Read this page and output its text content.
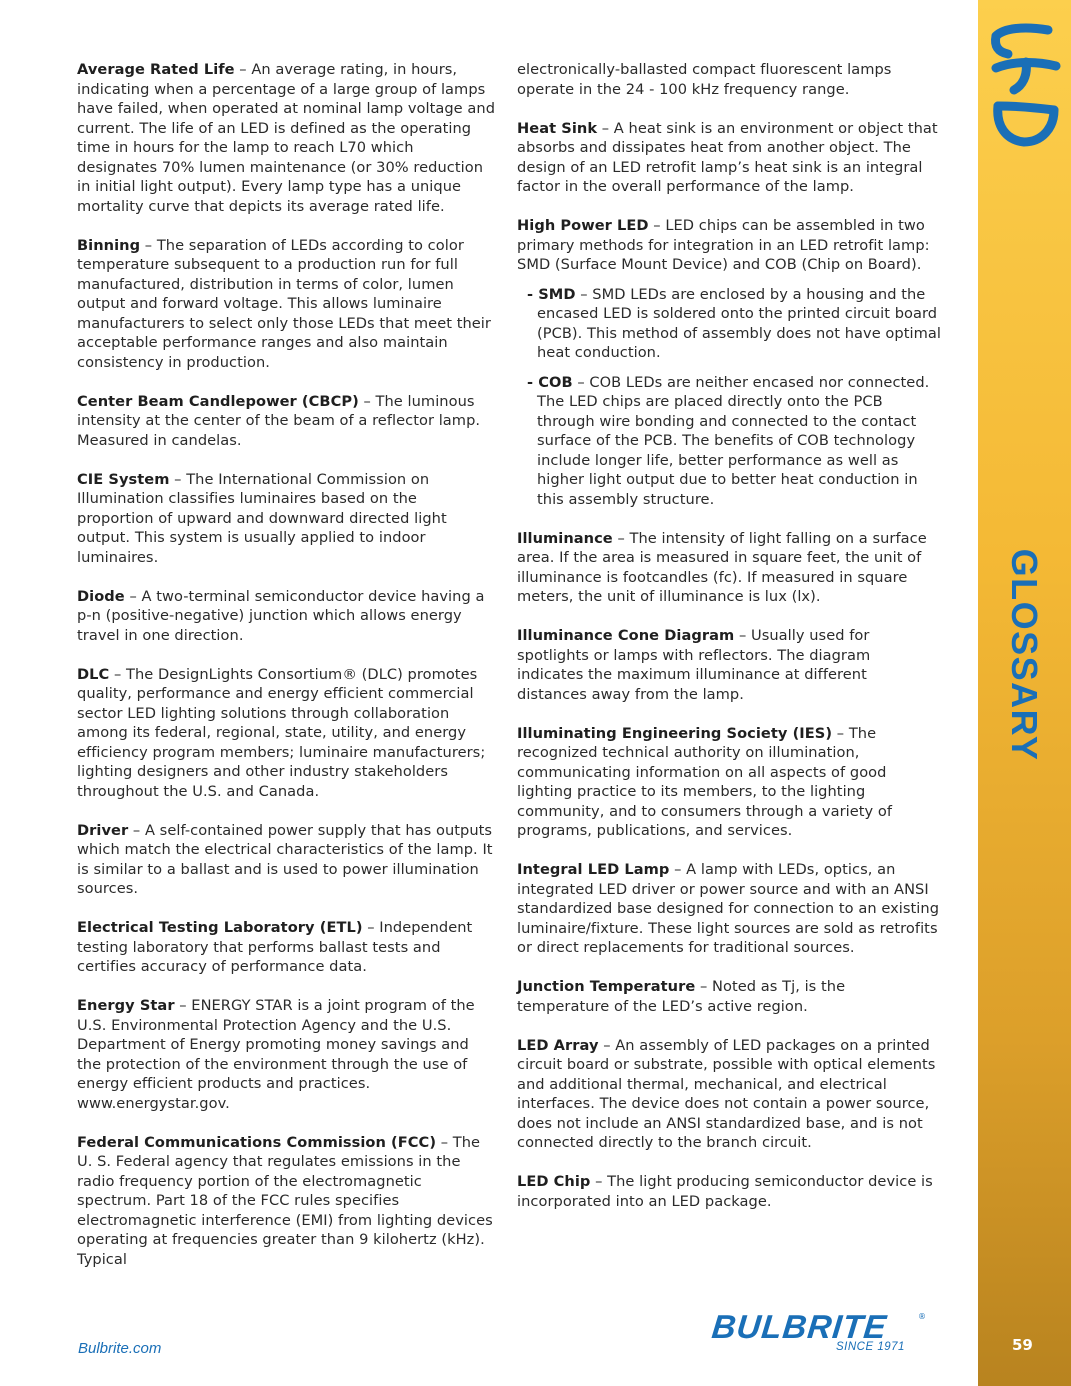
Average Rated Life – An average rating, in hours, indicating when a percentage of a large group of lamps have failed, when operated at nominal lamp voltage and current. The life of an LED is defined as the operating time in hours for the lamp to reach L70 which designates 70% lumen maintenance (or 30% reduction in initial light output). Every lamp type has a unique mortality curve that depicts its average rated life.

Binning – The separation of LEDs according to color temperature subsequent to a production run for full manufactured, distribution in terms of color, lumen output and forward voltage. This allows luminaire manufacturers to select only those LEDs that meet their acceptable performance ranges and also maintain consistency in production.

Center Beam Candlepower (CBCP) – The luminous intensity at the center of the beam of a reflector lamp. Measured in candelas.

CIE System – The International Commission on Illumination classifies luminaires based on the proportion of upward and downward directed light output. This system is usually applied to indoor luminaires.

Diode – A two-terminal semiconductor device having a p-n (positive-negative) junction which allows energy travel in one direction.

DLC – The DesignLights Consortium® (DLC) promotes quality, performance and energy efficient commercial sector LED lighting solutions through collaboration among its federal, regional, state, utility, and energy efficiency program members; luminaire manufacturers; lighting designers and other industry stakeholders throughout the U.S. and Canada.

Driver – A self-contained power supply that has outputs which match the electrical characteristics of the lamp. It is similar to a ballast and is used to power illumination sources.

Electrical Testing Laboratory (ETL) – Independent testing laboratory that performs ballast tests and certifies accuracy of performance data.

Energy Star – ENERGY STAR is a joint program of the U.S. Environmental Protection Agency and the U.S. Department of Energy promoting money savings and the protection of the environment through the use of energy efficient products and practices. www.energystar.gov.

Federal Communications Commission (FCC) – The U. S. Federal agency that regulates emissions in the radio frequency portion of the electromagnetic spectrum. Part 18 of the FCC rules specifies electromagnetic interference (EMI) from lighting devices operating at frequencies greater than 9 kilohertz (kHz). Typical

electronically-ballasted compact fluorescent lamps operate in the 24 - 100 kHz frequency range.

Heat Sink – A heat sink is an environment or object that absorbs and dissipates heat from another object. The design of an LED retrofit lamp’s heat sink is an integral factor in the overall performance of the lamp.

High Power LED – LED chips can be assembled in two primary methods for integration in an LED retrofit lamp: SMD (Surface Mount Device) and COB (Chip on Board).

- SMD – SMD LEDs are enclosed by a housing and the encased LED is soldered onto the printed circuit board (PCB). This method of assembly does not have optimal heat conduction.

- COB – COB LEDs are neither encased nor connected. The LED chips are placed directly onto the PCB through wire bonding and connected to the contact surface of the PCB. The benefits of COB technology include longer life, better performance as well as higher light output due to better heat conduction in this assembly structure.

Illuminance – The intensity of light falling on a surface area. If the area is measured in square feet, the unit of illuminance is footcandles (fc). If measured in square meters, the unit of illuminance is lux (lx).

Illuminance Cone Diagram – Usually used for spotlights or lamps with reflectors. The diagram indicates the maximum illuminance at different distances away from the lamp.

Illuminating Engineering Society (IES) – The recognized technical authority on illumination, communicating information on all aspects of good lighting practice to its members, to the lighting community, and to consumers through a variety of programs, publications, and services.

Integral LED Lamp – A lamp with LEDs, optics, an integrated LED driver or power source and with an ANSI standardized base designed for connection to an existing luminaire/fixture. These light sources are sold as retrofits or direct replacements for traditional sources.

Junction Temperature – Noted as Tj, is the temperature of the LED’s active region.

LED Array – An assembly of LED packages on a printed circuit board or substrate, possible with optical elements and additional thermal, mechanical, and electrical interfaces. The device does not contain a power source, does not include an ANSI standardized base, and is not connected directly to the branch circuit.

LED Chip – The light producing semiconductor device is incorporated into an LED package.

GLOSSARY
59
Bulbrite.com
BULBRITE	®
SINCE 1971
